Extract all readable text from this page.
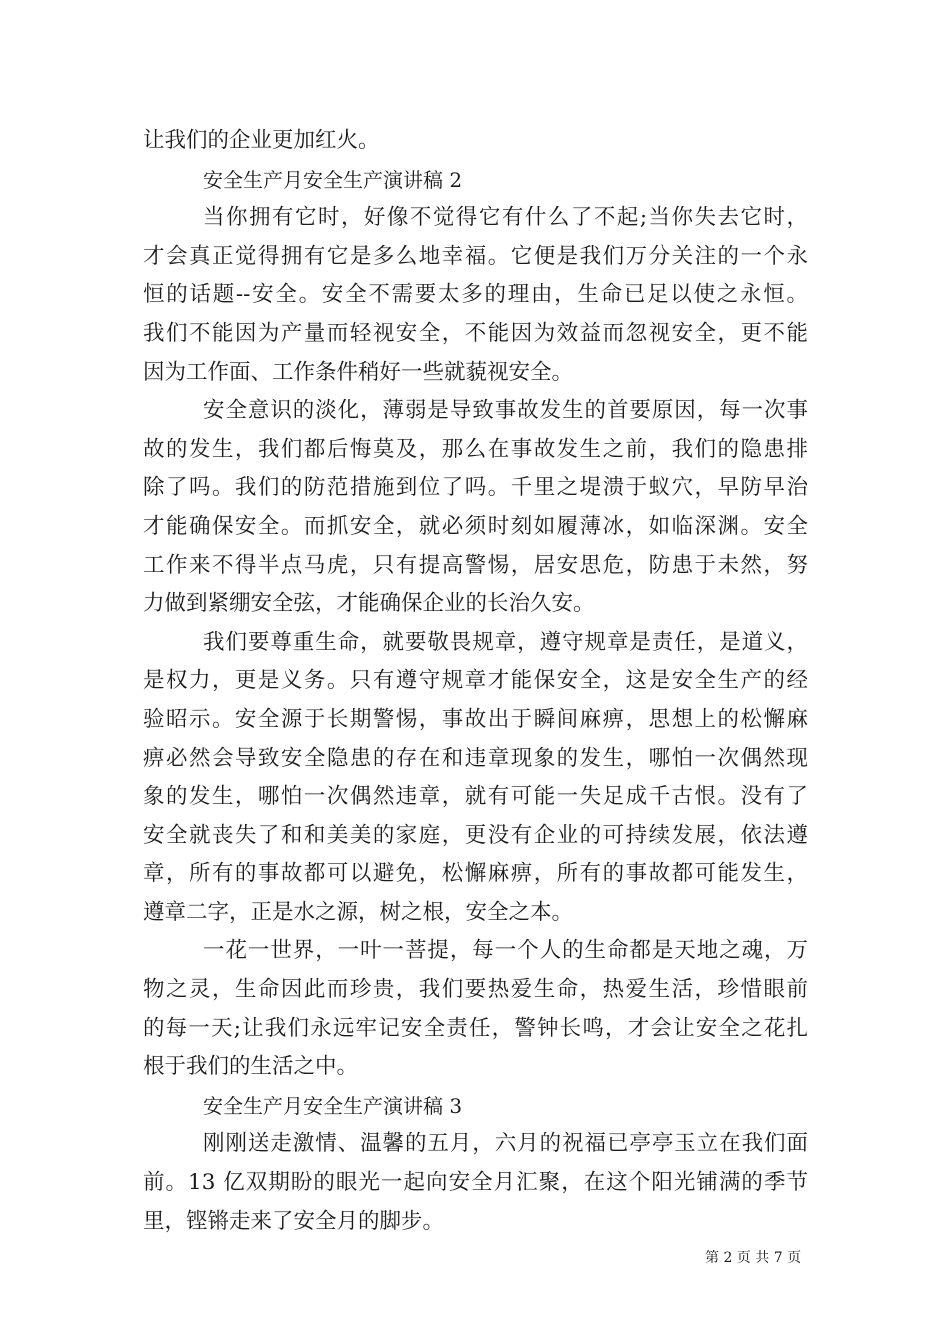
让我们的企业更加红火。
安全生产月安全生产演讲稿 2
当你拥有它时，好像不觉得它有什么了不起;当你失去它时，
才会真正觉得拥有它是多么地幸福。它便是我们万分关注的一个永
恒的话题--安全。安全不需要太多的理由，生命已足以使之永恒。
我们不能因为产量而轻视安全，不能因为效益而忽视安全，更不能
因为工作面、工作条件稍好一些就藐视安全。
安全意识的淡化，薄弱是导致事故发生的首要原因，每一次事
故的发生，我们都后悔莫及，那么在事故发生之前，我们的隐患排
除了吗。我们的防范措施到位了吗。千里之堤溃于蚁穴，早防早治
才能确保安全。而抓安全，就必须时刻如履薄冰，如临深渊。安全
工作来不得半点马虎，只有提高警惕，居安思危，防患于未然，努
力做到紧绷安全弦，才能确保企业的长治久安。
我们要尊重生命，就要敬畏规章，遵守规章是责任，是道义，
是权力，更是义务。只有遵守规章才能保安全，这是安全生产的经
验昭示。安全源于长期警惕，事故出于瞬间麻痹，思想上的松懈麻
痹必然会导致安全隐患的存在和违章现象的发生，哪怕一次偶然现
象的发生，哪怕一次偶然违章，就有可能一失足成千古恨。没有了
安全就丧失了和和美美的家庭，更没有企业的可持续发展，依法遵
章，所有的事故都可以避免，松懈麻痹，所有的事故都可能发生，
遵章二字，正是水之源，树之根，安全之本。
一花一世界，一叶一菩提，每一个人的生命都是天地之魂，万
物之灵，生命因此而珍贵，我们要热爱生命，热爱生活，珍惜眼前
的每一天;让我们永远牢记安全责任，警钟长鸣，才会让安全之花扎
根于我们的生活之中。
安全生产月安全生产演讲稿 3
刚刚送走激情、温馨的五月，六月的祝福已亭亭玉立在我们面
前。13 亿双期盼的眼光一起向安全月汇聚，在这个阳光铺满的季节
里，铿锵走来了安全月的脚步。
第 2 页 共 7 页
